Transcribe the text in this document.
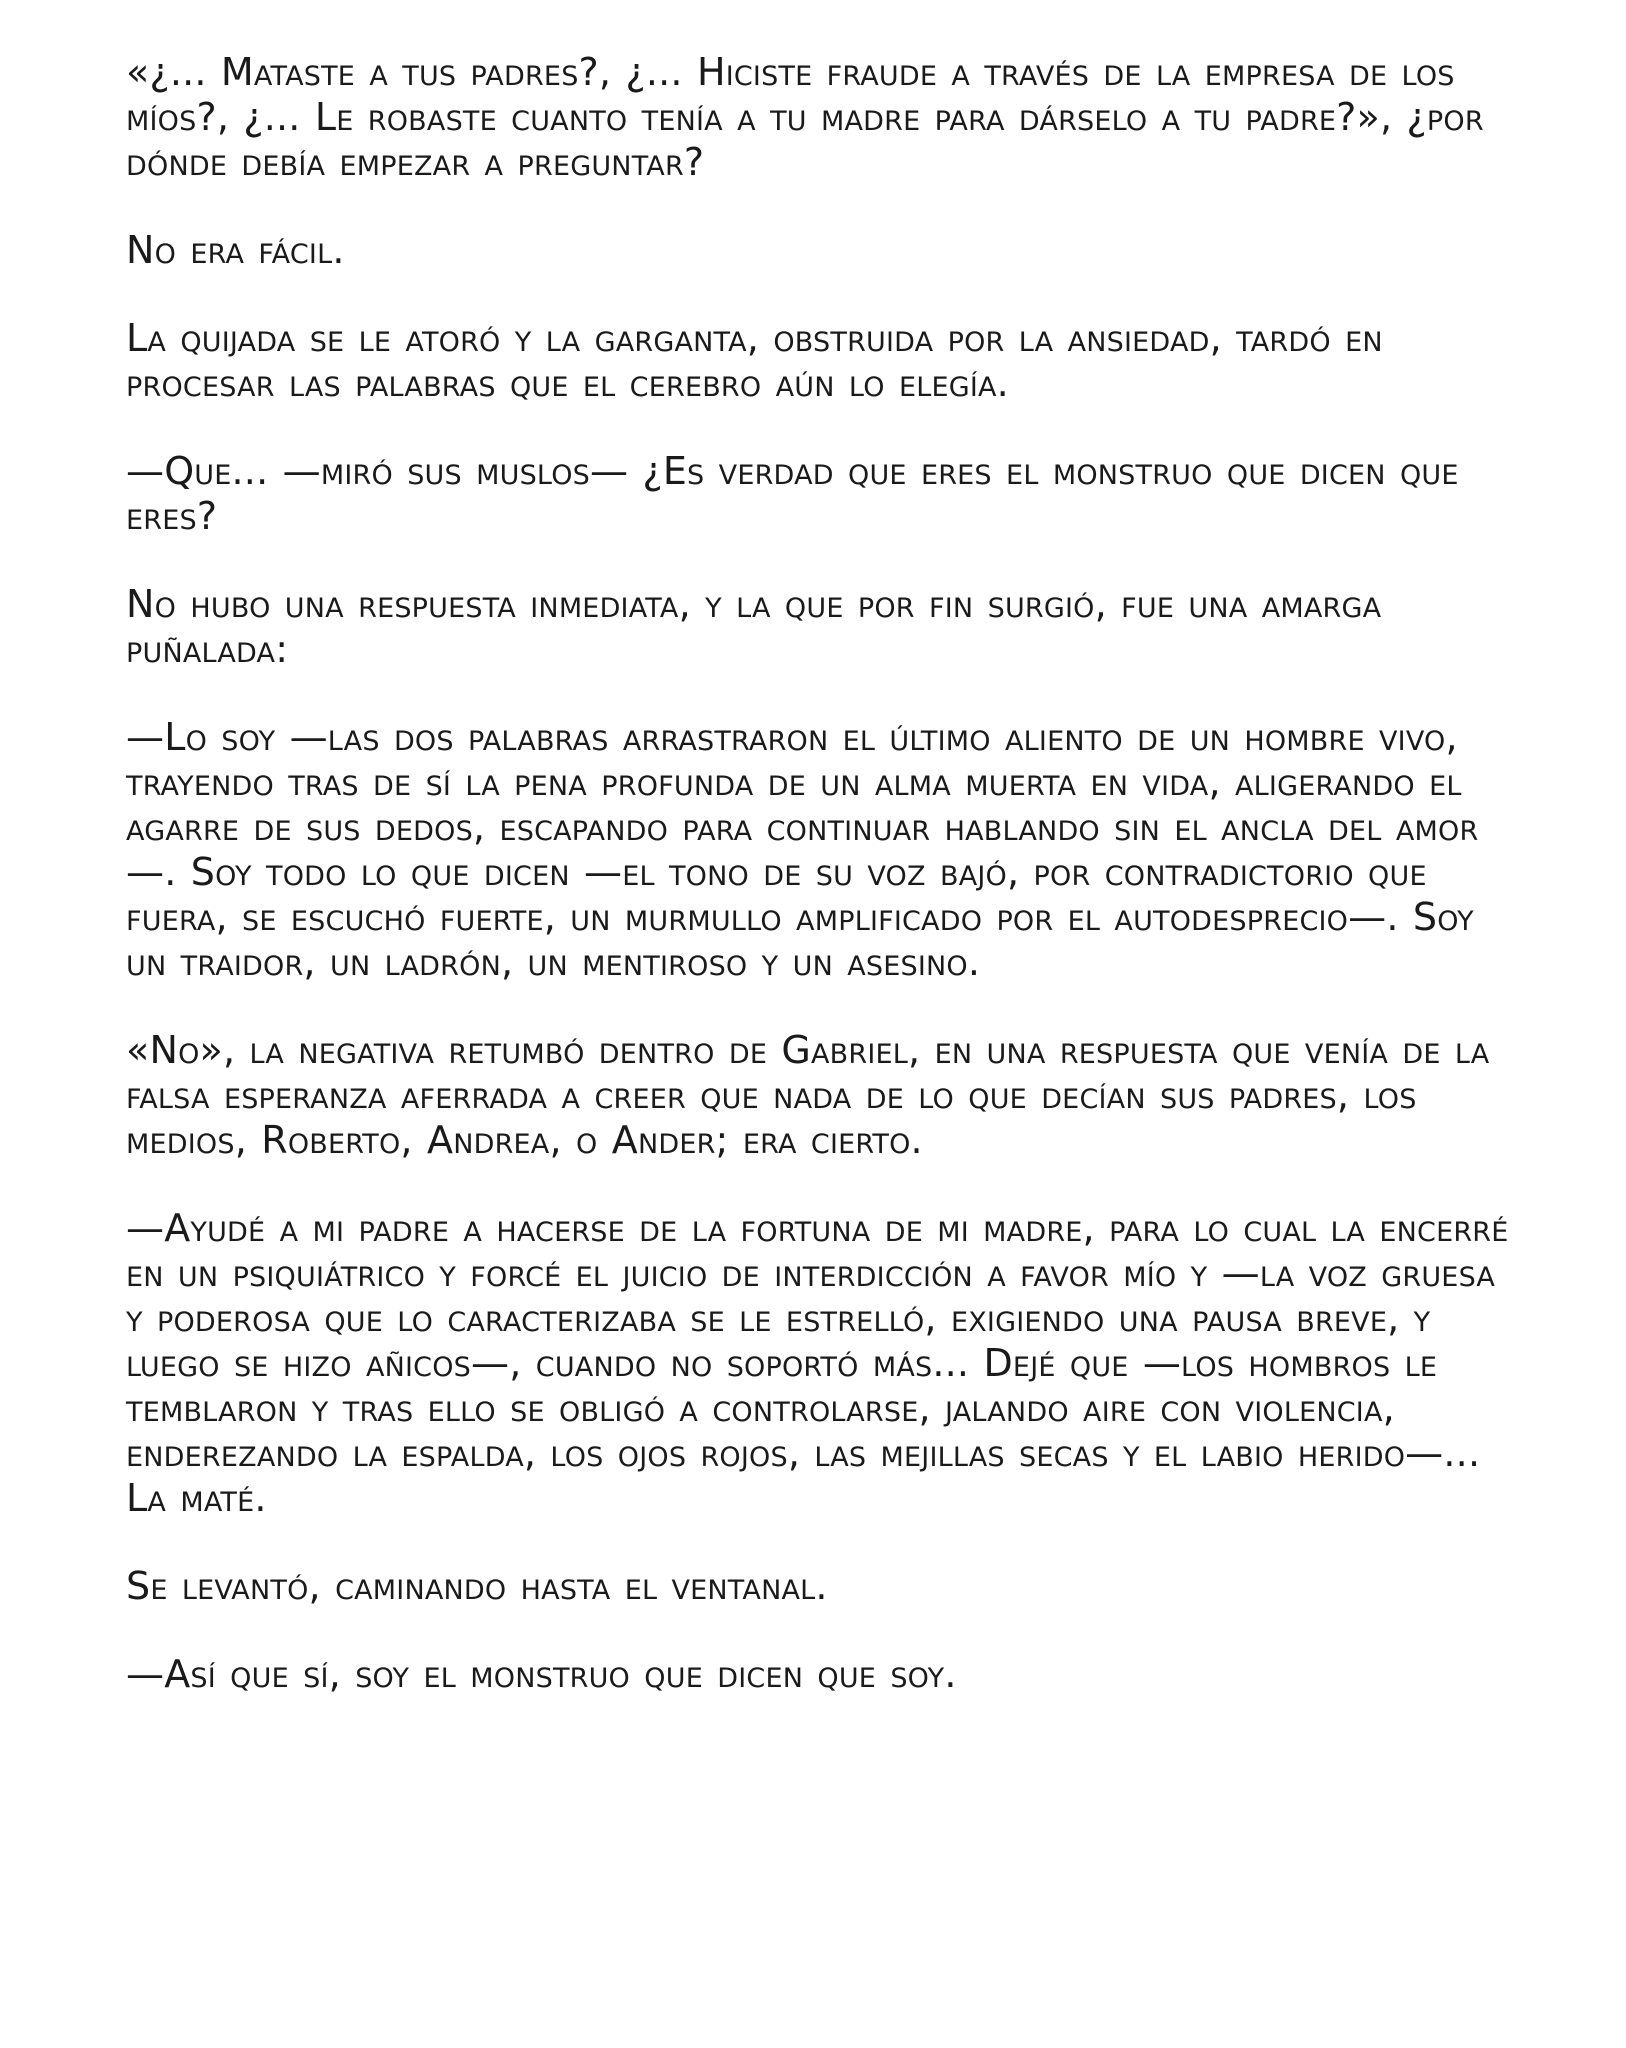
«¿... Mataste a tus padres?, ¿... Hiciste fraude a través de la empresa de los míos?, ¿... Le robaste cuanto tenía a tu madre para dárselo a tu padre?», ¿por dónde debía empezar a preguntar?

No era fácil.

La quijada se le atoró y la garganta, obstruida por la ansiedad, tardó en procesar las palabras que el cerebro aún lo elegía.

—Que... —miró sus muslos— ¿Es verdad que eres el monstruo que dicen que eres?

No hubo una respuesta inmediata, y la que por fin surgió, fue una amarga puñalada:

—Lo soy —las dos palabras arrastraron el último aliento de un hombre vivo, trayendo tras de sí la pena profunda de un alma muerta en vida, aligerando el agarre de sus dedos, escapando para continuar hablando sin el ancla del amor—. Soy todo lo que dicen —el tono de su voz bajó, por contradictorio que fuera, se escuchó fuerte, un murmullo amplificado por el autodesprecio—. Soy un traidor, un ladrón, un mentiroso y un asesino.

«No», la negativa retumbó dentro de Gabriel, en una respuesta que venía de la falsa esperanza aferrada a creer que nada de lo que decían sus padres, los medios, Roberto, Andrea, o Ander; era cierto.

—Ayudé a mi padre a hacerse de la fortuna de mi madre, para lo cual la encerré en un psiquiátrico y forcé el juicio de interdicción a favor mío y —la voz gruesa y poderosa que lo caracterizaba se le estrelló, exigiendo una pausa breve, y luego se hizo añicos—, cuando no soportó más... Dejé que —los hombros le temblaron y tras ello se obligó a controlarse, jalando aire con violencia, enderezando la espalda, los ojos rojos, las mejillas secas y el labio herido—... La maté.

Se levantó, caminando hasta el ventanal.

—Así que sí, soy el monstruo que dicen que soy.
